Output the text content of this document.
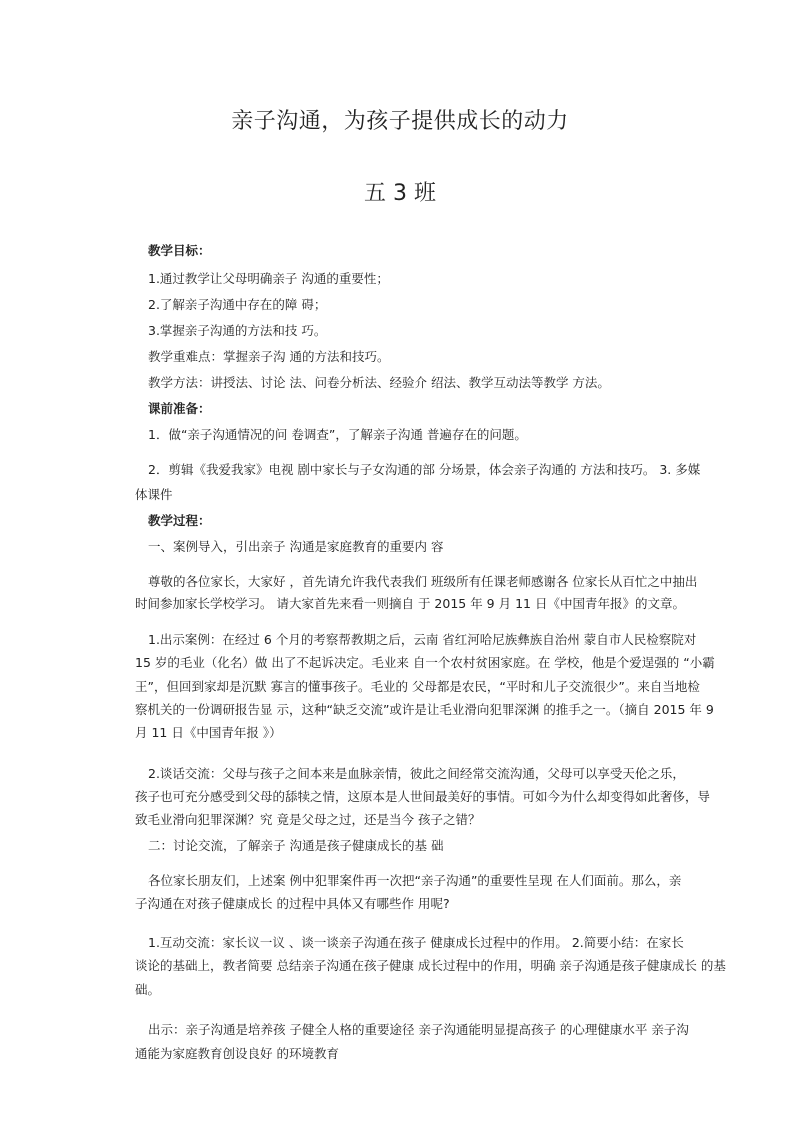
亲子沟通，为孩子提供成长的动力
五 3 班
教学目标：
1.通过教学让父母明确亲子 沟通的重要性；
2.了解亲子沟通中存在的障 碍；
3.掌握亲子沟通的方法和技 巧。
教学重难点：掌握亲子沟 通的方法和技巧。
教学方法：讲授法、讨论 法、问卷分析法、经验介 绍法、教学互动法等教学 方法。
课前准备：
1．做“亲子沟通情况的问 卷调查”，了解亲子沟通 普遍存在的问题。
2．剪辑《我爱我家》电视 剧中家长与子女沟通的部 分场景，体会亲子沟通的 方法和技巧。 3. 多媒
体课件
教学过程：
一、案例导入，引出亲子 沟通是家庭教育的重要内 容
尊敬的各位家长，大家好 ，首先请允许我代表我们 班级所有任课老师感谢各 位家长从百忙之中抽出
时间参加家长学校学习。 请大家首先来看一则摘自 于 2015 年 9 月 11 日《中国青年报》的文章。
1.出示案例：在经过 6 个月的考察帮教期之后，云南 省红河哈尼族彝族自治州 蒙自市人民检察院对
15 岁的毛业（化名）做 出了不起诉决定。毛业来 自一个农村贫困家庭。在 学校，他是个爱逞强的 “小霸
王”，但回到家却是沉默 寡言的懂事孩子。毛业的 父母都是农民，“平时和儿子交流很少”。来自当地检
察机关的一份调研报告显 示，这种“缺乏交流”或许是让毛业滑向犯罪深渊 的推手之一。（摘自 2015 年 9
月 11 日《中国青年报 》）
2.谈话交流：父母与孩子之间本来是血脉亲情，彼此之间经常交流沟通，父母可以享受天伦之乐，
孩子也可充分感受到父母的舔犊之情，这原本是人世间最美好的事情。可如今为什么却变得如此奢侈，导
致毛业滑向犯罪深渊？究 竟是父母之过，还是当今 孩子之错？
二：讨论交流，了解亲子 沟通是孩子健康成长的基 础
各位家长朋友们，上述案 例中犯罪案件再一次把“亲子沟通”的重要性呈现 在人们面前。那么，亲
子沟通在对孩子健康成长 的过程中具体又有哪些作 用呢?
1.互动交流：家长议一议 、谈一谈亲子沟通在孩子 健康成长过程中的作用。 2.简要小结：在家长
谈论的基础上，教者简要 总结亲子沟通在孩子健康 成长过程中的作用，明确 亲子沟通是孩子健康成长 的基
础。
出示：亲子沟通是培养孩 子健全人格的重要途径 亲子沟通能明显提高孩子 的心理健康水平 亲子沟
通能为家庭教育创设良好 的环境教育
